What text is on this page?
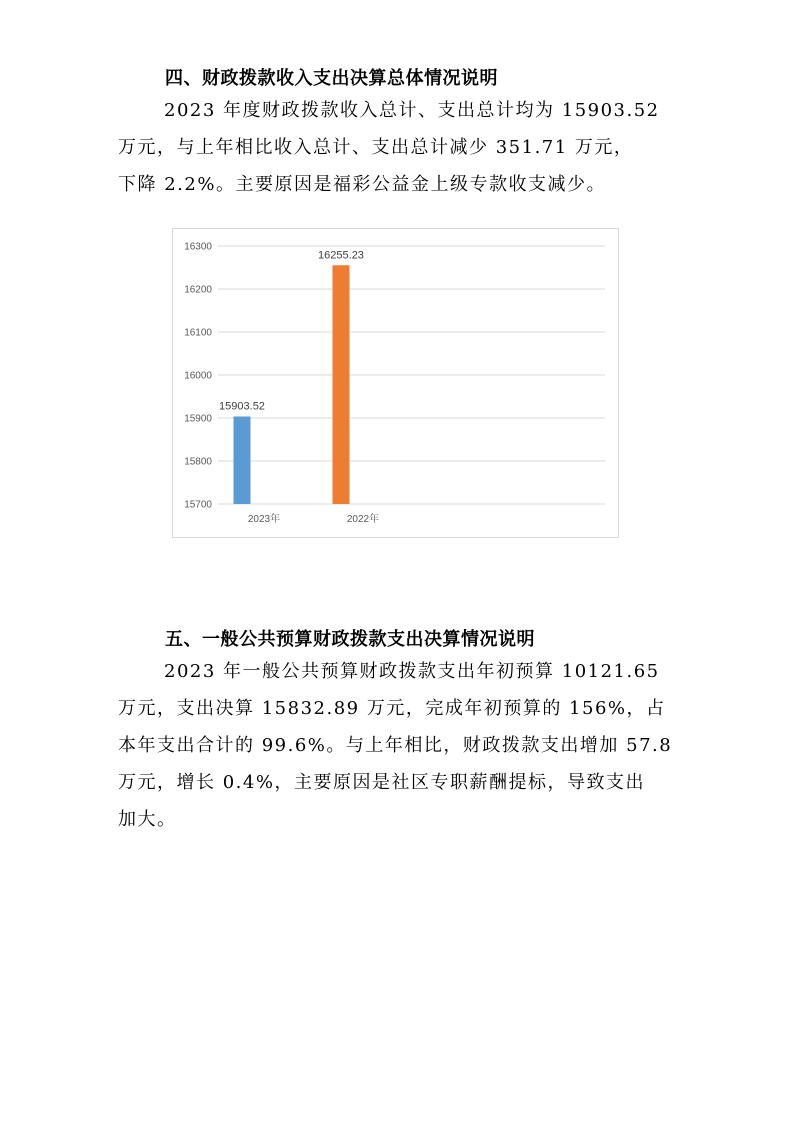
四、财政拨款收入支出决算总体情况说明
2023 年度财政拨款收入总计、支出总计均为 15903.52
万元，与上年相比收入总计、支出总计减少 351.71 万元，
下降 2.2%。主要原因是福彩公益金上级专款收支减少。
15700
15800
15900
16000
16100
16200
16300
15903.52
2023年
16255.23
2022年
五、一般公共预算财政拨款支出决算情况说明
2023 年一般公共预算财政拨款支出年初预算 10121.65
万元，支出决算 15832.89 万元，完成年初预算的 156%，占
本年支出合计的 99.6%。与上年相比，财政拨款支出增加 57.8
万元，增长 0.4%，主要原因是社区专职薪酬提标，导致支出
加大。
